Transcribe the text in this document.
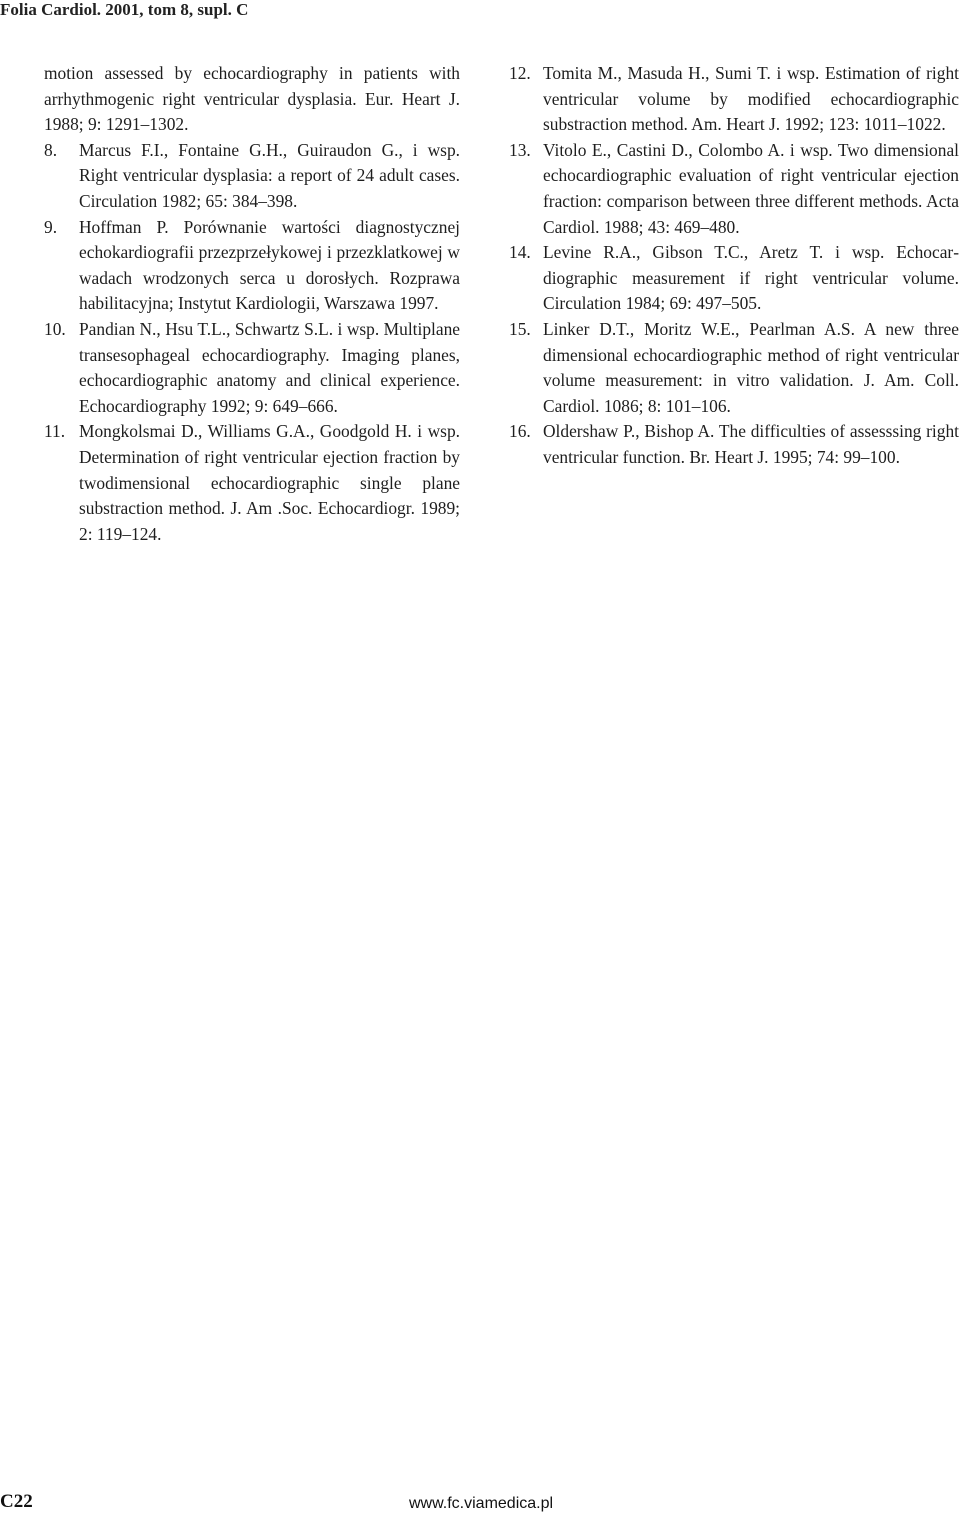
Folia Cardiol. 2001, tom 8, supl. C

motion assessed by echocardiography in patients with arrhythmogenic right ventricular dysplasia. Eur. Heart J. 1988; 9: 1291–1302.

8. Marcus F.I., Fontaine G.H., Guiraudon G., i wsp. Right ventricular dysplasia: a report of 24 adult cases. Circulation 1982; 65: 384–398.

9. Hoffman P. Porównanie wartości diagnostycznej echokardiografii przezprzełykowej i przezklatkowej w wadach wrodzonych serca u dorosłych. Rozprawa habilitacyjna; Instytut Kardiologii, Warszawa 1997.

10. Pandian N., Hsu T.L., Schwartz S.L. i wsp. Multiplane transesophageal echocardiography. Imaging planes, echocardiographic anatomy and clinical experience. Echocardiography 1992; 9: 649–666.

11. Mongkolsmai D., Williams G.A., Goodgold H. i wsp. Determination of right ventricular ejection fraction by twodimensional echocardiographic single plane substraction method. J. Am .Soc. Echocardiogr. 1989; 2: 119–124.

12. Tomita M., Masuda H., Sumi T. i wsp. Estimation of right ventricular volume by modified echocardiographic substraction method. Am. Heart J. 1992; 123: 1011–1022.

13. Vitolo E., Castini D., Colombo A. i wsp. Two dimensional echocardiographic evaluation of right ventricular ejection fraction: comparison between three different methods. Acta Cardiol. 1988; 43: 469–480.

14. Levine R.A., Gibson T.C., Aretz T. i wsp. Echocardiographic measurement if right ventricular volume. Circulation 1984; 69: 497–505.

15. Linker D.T., Moritz W.E., Pearlman A.S. A new three dimensional echocardiographic method of right ventricular volume measurement: in vitro validation. J. Am. Coll. Cardiol. 1086; 8: 101–106.

16. Oldershaw P., Bishop A. The difficulties of assesssing right ventricular function. Br. Heart J. 1995; 74: 99–100.

C22	www.fc.viamedica.pl
